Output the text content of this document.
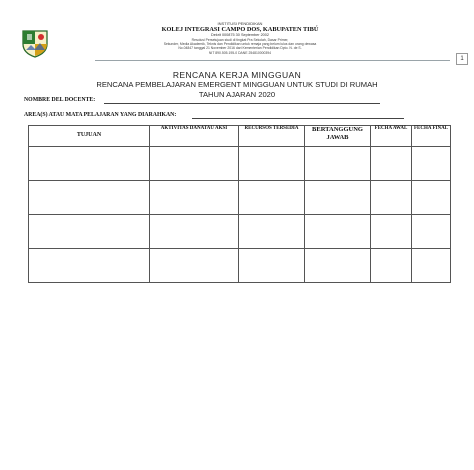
INSTITUSI PENDIDIKAN
KOLEJ INTEGRASI CAMPO DOS, KABUPATEN TIBÚ
Dekrit 000875 30 September 2002
Resolusi Persetujuan studi di tingkat Pra Sekolah, Dasar Primer,
Sekunder, Media Akademik, Teknis dan Pendidikan untuk remaja yang belum lulus dan orang dewasa
No.04847 tanggal 21 November 2016 dari Kementerian Pendidikan Dpto. N. de S.
NIT 890.505.195-0 DANE 254810000394
1
RENCANA KERJA MINGGUAN
RENCANA PEMBELAJARAN EMERGENT MINGGUAN UNTUK STUDI DI RUMAH
TAHUN AJARAN 2020
NOMBRE DEL DOCENTE:
AREA(S) ATAU MATA PELAJARAN YANG DIARAHKAN:
TUJUAN	AKTIVITAS DANATAU AKSI	RECURSOS TERSEDIA	BERTANGGUNG JAWAB	FECHA AWAL	FECHA FINAL
